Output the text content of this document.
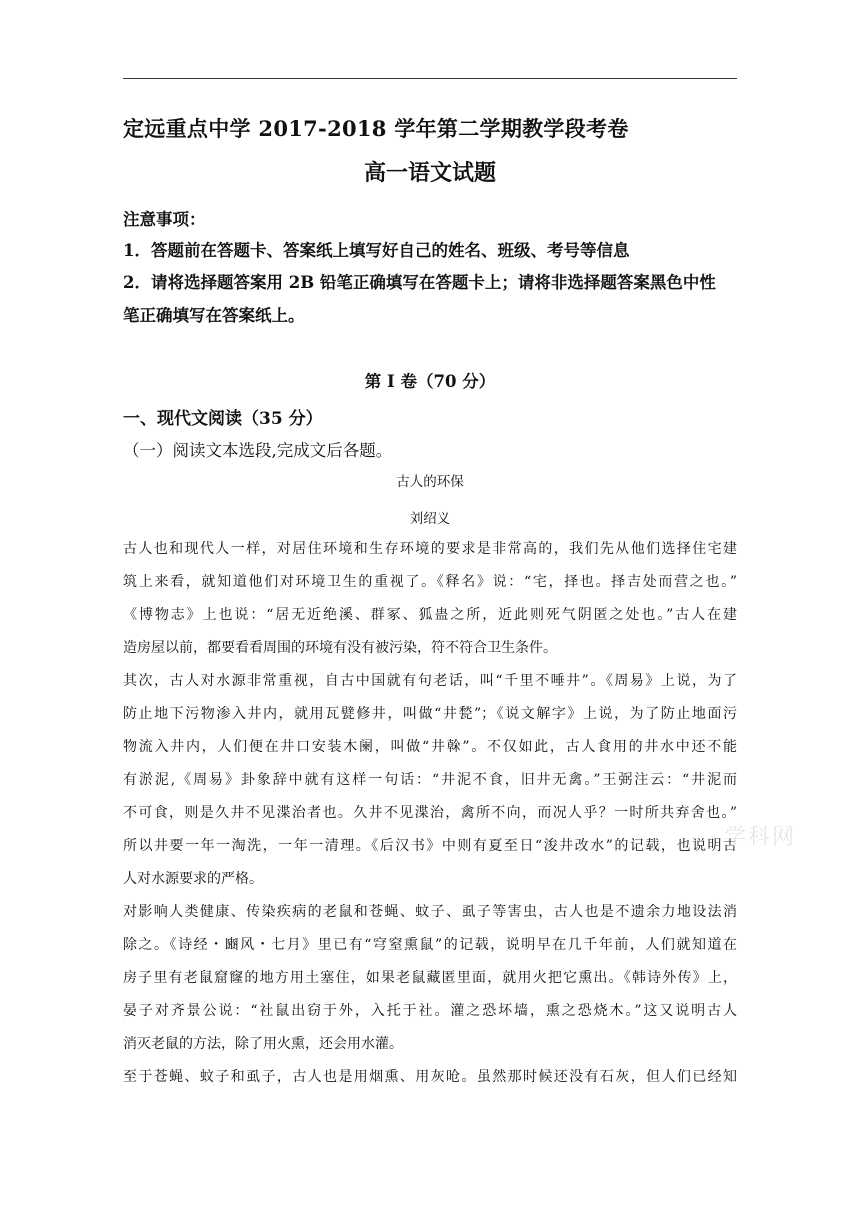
定远重点中学 2017-2018 学年第二学期教学段考卷
高一语文试题
注意事项：
1．答题前在答题卡、答案纸上填写好自己的姓名、班级、考号等信息
2．请将选择题答案用 2B 铅笔正确填写在答题卡上；请将非选择题答案黑色中性
笔正确填写在答案纸上。
第 I 卷（70 分）
一、现代文阅读（35 分）
（一）阅读文本选段,完成文后各题。
古人的环保
刘绍义
古人也和现代人一样，对居住环境和生存环境的要求是非常高的，我们先从他们选择住宅建
筑上来看，就知道他们对环境卫生的重视了。《释名》说：“宅，择也。择吉处而营之也。”
《博物志》上也说：“居无近绝溪、群冢、狐蛊之所，近此则死气阴匿之处也。”古人在建
造房屋以前，都要看看周围的环境有没有被污染，符不符合卫生条件。
其次，古人对水源非常重视，自古中国就有句老话，叫“千里不唾井”。《周易》上说，为了
防止地下污物渗入井内，就用瓦甓修井，叫做“井甃”；《说文解字》上说，为了防止地面污
物流入井内，人们便在井口安装木阑，叫做“井榦”。不仅如此，古人食用的井水中还不能
有淤泥,《周易》卦象辞中就有这样一句话：“井泥不食，旧井无禽。”王弼注云：“井泥而
不可食，则是久井不见渫治者也。久井不见渫治，禽所不向，而况人乎？一时所共弃舍也。”
所以井要一年一淘洗，一年一清理。《后汉书》中则有夏至日“浚井改水”的记载，也说明古
人对水源要求的严格。
对影响人类健康、传染疾病的老鼠和苍蝇、蚊子、虱子等害虫，古人也是不遗余力地设法消
除之。《诗经・豳风・七月》里已有“穹窒熏鼠”的记载，说明早在几千年前，人们就知道在
房子里有老鼠窟窿的地方用土塞住，如果老鼠藏匿里面，就用火把它熏出。《韩诗外传》上，
晏子对齐景公说：“社鼠出窃于外，入托于社。灌之恐坏墙，熏之恐烧木。”这又说明古人
消灭老鼠的方法，除了用火熏，还会用水灌。
至于苍蝇、蚊子和虱子，古人也是用烟熏、用灰呛。虽然那时候还没有石灰，但人们已经知
学科网
